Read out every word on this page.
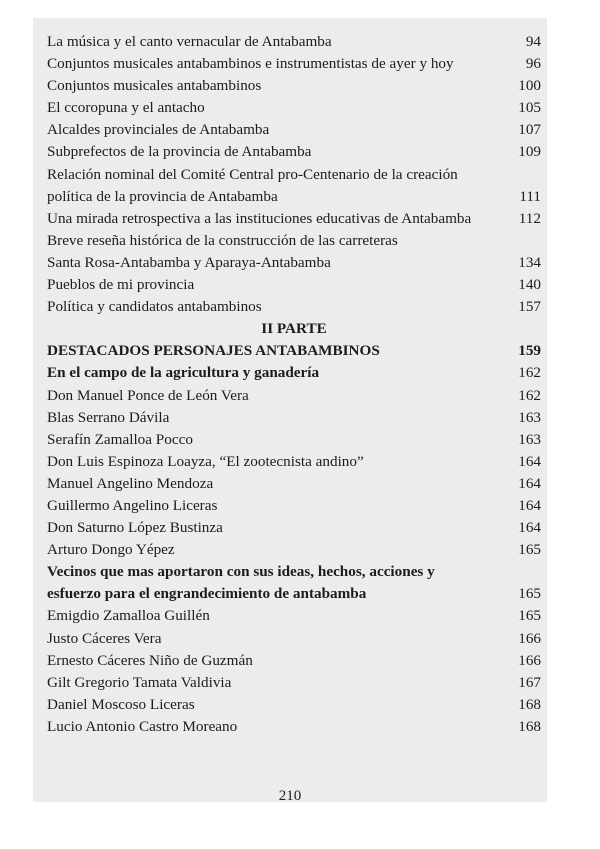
La música y el canto vernacular de Antabamba	94
Conjuntos musicales antabambinos e instrumentistas de ayer y hoy	96
Conjuntos musicales antabambinos	100
El ccoropuna y el antacho	105
Alcaldes provinciales de Antabamba	107
Subprefectos de la provincia de Antabamba	109
Relación nominal del Comité Central pro-Centenario de la creación
política de la provincia de Antabamba	111
Una mirada retrospectiva a las instituciones educativas de Antabamba	112
Breve reseña histórica de la construcción de las carreteras
Santa Rosa-Antabamba y Aparaya-Antabamba	134
Pueblos de mi provincia	140
Política y candidatos antabambinos	157
II PARTE
DESTACADOS PERSONAJES ANTABAMBINOS	159
En el campo de la agricultura y ganadería	162
Don Manuel Ponce de León Vera	162
Blas Serrano Dávila	163
Serafín Zamalloa Pocco	163
Don Luis Espinoza Loayza, “El zootecnista andino”	164
Manuel Angelino Mendoza	164
Guillermo Angelino Liceras	164
Don Saturno López Bustinza	164
Arturo Dongo Yépez	165
Vecinos que mas aportaron con sus ideas, hechos, acciones y
esfuerzo para el engrandecimiento de antabamba	165
Emigdio Zamalloa Guillén	165
Justo Cáceres Vera	166
Ernesto Cáceres Niño de Guzmán	166
Gilt Gregorio Tamata Valdivia	167
Daniel Moscoso Liceras	168
Lucio Antonio Castro Moreano	168
210
